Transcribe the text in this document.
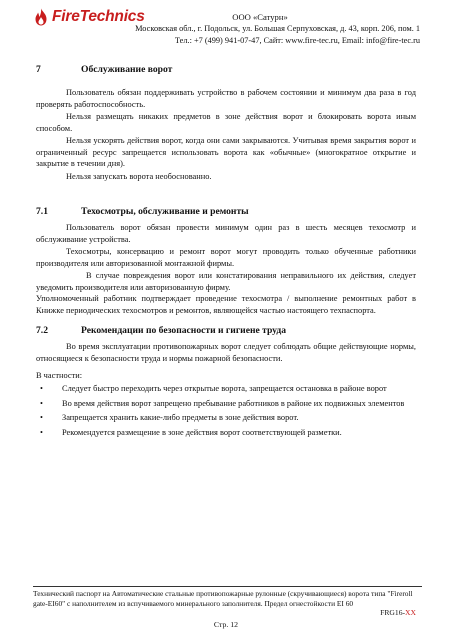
FireTechnics	ООО «Сатурн»
Московская обл., г. Подольск, ул. Большая Серпуховская, д. 43, корп. 206, пом. 1
Тел.: +7 (499) 941-07-47, Сайт: www.fire-tec.ru, Email: info@fire-tec.ru
7	Обслуживание ворот
Пользователь обязан поддерживать устройство в рабочем состоянии и минимум два раза в год проверять работоспособность.
Нельзя размещать никаких предметов в зоне действия ворот и блокировать ворота иным способом.
Нельзя ускорять действия ворот, когда они сами закрываются. Учитывая время закрытия ворот и ограниченный ресурс запрещается использовать ворота как «обычные» (многократное открытие и закрытие в течении дня).
Нельзя запускать ворота необоснованно.
7.1	Техосмотры, обслуживание и ремонты
Пользователь ворот обязан провести минимум один раз в шесть месяцев техосмотр и обслуживание устройства.
Техосмотры, консервацию и ремонт ворот могут проводить только обученные работники производителя или авторизованной монтажной фирмы.
В случае повреждения ворот или констатирования неправильного их действия, следует уведомить производителя или авторизованную фирму.
Уполномоченный работник подтверждает проведение техосмотра / выполнение ремонтных работ в Книжке периодических техосмотров и ремонтов, являющейся частью настоящего техпаспорта.
7.2	Рекомендации по безопасности и гигиене труда
Во время эксплуатации противопожарных ворот следует соблюдать общие действующие нормы, относящиеся к безопасности труда и нормы пожарной безопасности.
В частности:
• Следует быстро переходить через открытые ворота, запрещается остановка в районе ворот
• Во время действия ворот запрещено пребывание работников в районе их подвижных элементов
• Запрещается хранить какие-либо предметы в зоне действия ворот.
• Рекомендуется размещение в зоне действия ворот соответствующей разметки.
Технический паспорт на Автоматические стальные противопожарные рулонные (скручивающиеся) ворота типа "Fireroll gate-EI60" с наполнителем из вспучиваемого минерального заполнителя. Предел огнестойкости EI 60
FRG16-XX
Стр. 12
